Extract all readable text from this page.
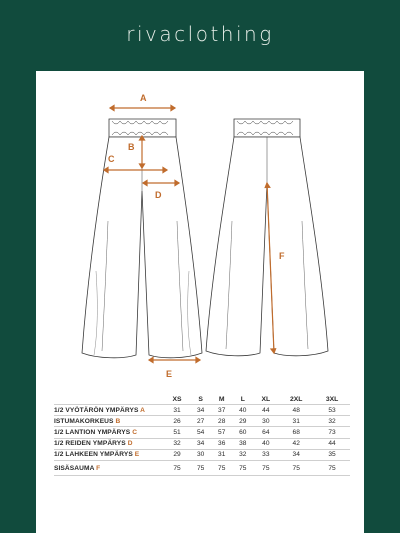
rivaclothing
A
B
C
D
E
F
	XS	S	M	L	XL	2XL	3XL
1/2 VYÖTÄRÖN YMPÄRYS A	31	34	37	40	44	48	53
ISTUMAKORKEUS B	26	27	28	29	30	31	32
1/2 LANTION YMPÄRYS C	51	54	57	60	64	68	73
1/2 REIDEN YMPÄRYS D	32	34	36	38	40	42	44
1/2 LAHKEEN YMPÄRYS E	29	30	31	32	33	34	35
SISÄSAUMA F	75	75	75	75	75	75	75
